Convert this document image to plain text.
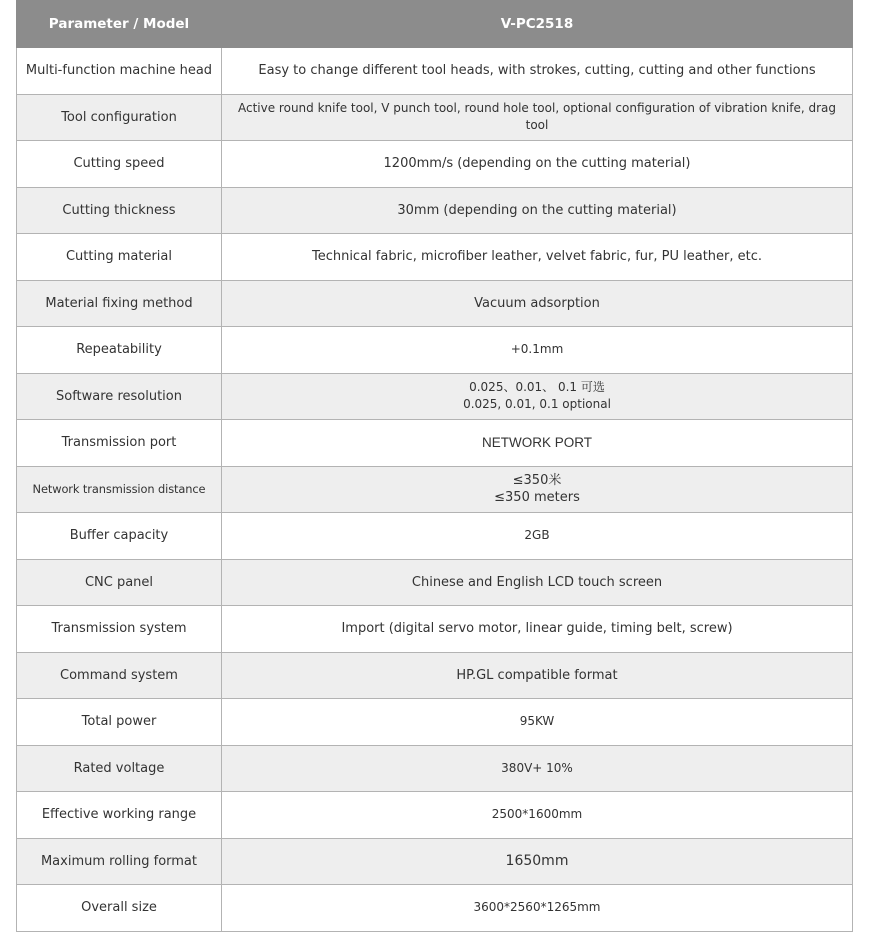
Parameter / Model	V-PC2518
Multi-function machine head	Easy to change different tool heads, with strokes, cutting, cutting and other functions
Tool configuration	Active round knife tool, V punch tool, round hole tool, optional configuration of vibration knife, drag tool
Cutting speed	1200mm/s (depending on the cutting material)
Cutting thickness	30mm (depending on the cutting material)
Cutting material	Technical fabric, microfiber leather, velvet fabric, fur, PU leather, etc.
Material fixing method	Vacuum adsorption
Repeatability	+0.1mm
Software resolution	0.025、0.01、 0.1 可选
0.025, 0.01, 0.1 optional

Transmission port	NETWORK PORT
Network transmission distance	≤350米
≤350 meters

Buffer capacity	2GB
CNC panel	Chinese and English LCD touch screen
Transmission system	Import (digital servo motor, linear guide, timing belt, screw)
Command system	HP.GL compatible format
Total power	95KW
Rated voltage	380V+ 10%
Effective working range	2500*1600mm
Maximum rolling format	1650mm
Overall size	3600*2560*1265mm
